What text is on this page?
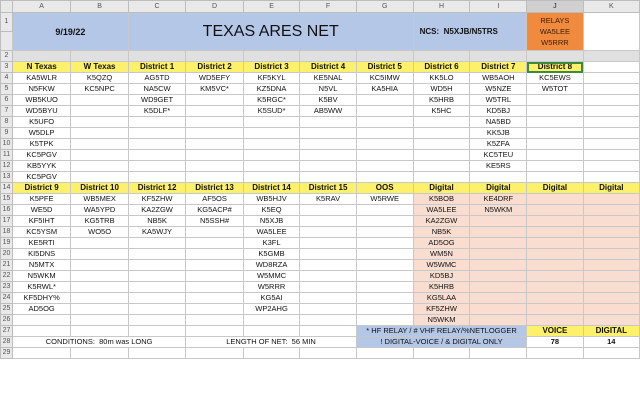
	A	B	C	D	E	F	G	H	I	J	K
1	9/19/22		TEXAS ARES NET					NCS: N5XJB/N5TRS		RELAYS
WA5LEE
W5RRR	

2											
3	N Texas	W Texas	District 1	District 2	District 3	District 4	District 5	District 6	District 7	District 8	
4	KA5WLR	K5QZQ	AG5TD	WD5EFY	KF5KYL	KE5NAL	KC5IMW	KK5LO	WB5AOH	KC5EWS	
5	N5FKW	KC5NPC	NA5CW	KM5VC*	KZ5DNA	N5VL	KA5HIA	WD5H	W5NZE	W5TOT	
6	WB5KUO		WD9GET		K5RGC*	K5BV		K5HRB	W5TRL		
7	WD5BYU		K5DLF*		K5SUD*	AB5WW		K5HC	KD5BJ		
8	K5UFO								NA5BD		
9	W5DLP								KK5JB		
10	K5TPK								K5ZFA		
11	KC5PGV								KC5TEU		
12	KB5YYK								KE5RS		
13	KC5PGV										
14	District 9	District 10	District 12	District 13	District 14	District 15	OOS	Digital	Digital	Digital	Digital
15	K5PFE	WB5MEX	KF5ZHW	AF5OS	WB5HJV	K5RAV	W5RWE	K5BOB	KE4DRF		
16	WE5D	WA5YPD	KA2ZGW	KG5ACP#	K5EQ			WA5LEE	N5WKM		
17	KF5IHT	KG5TRB	NB5K	N5SSH#	N5XJB			KA2ZGW			
18	KC5YSM	WO5O	KA5WJY		WA5LEE			NB5K			
19	KE5RTI				K3FL			AD5OG			
20	KI5DNS				K5GMB			WM5N			
21	N5MTX				WD8RZA			W5WMC			
22	N5WKM				W5MMC			KD5BJ			
23	K5RWL*				W5RRR			K5HRB			
24	KF5DHY%				KG5AI			KG5LAA			
25	AD5OG				WP2AHG			KF5ZHW			
26								N5WKM			
27							* HF RELAY / # VHF RELAY/%NETLOGGER			VOICE	DIGITAL
28	CONDITIONS: 80m was LONG			LENGTH OF NET: 56 MIN			! DIGITAL-VOICE / & DIGITAL ONLY			78	14
29											
